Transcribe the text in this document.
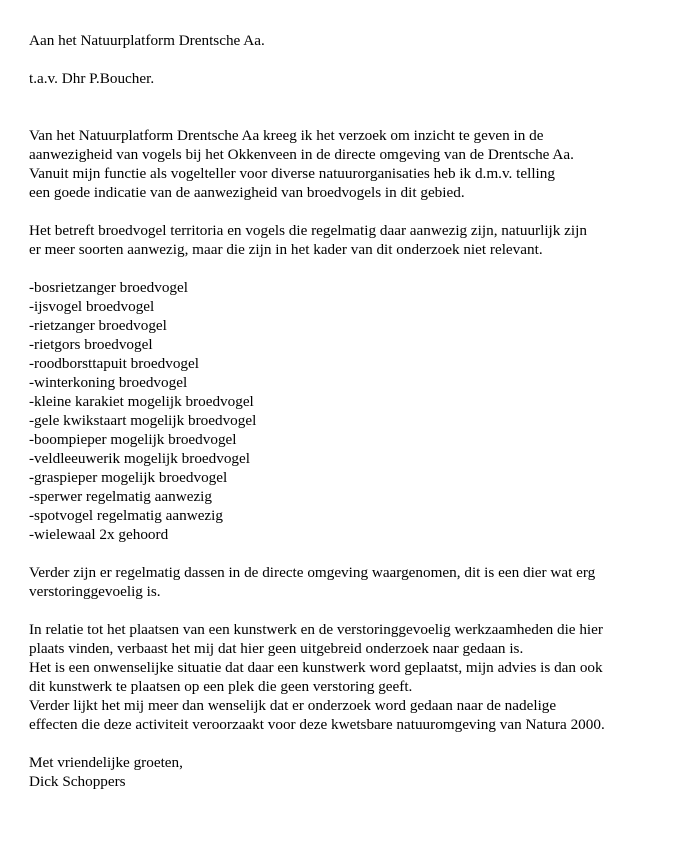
Aan het Natuurplatform Drentsche Aa.
t.a.v. Dhr P.Boucher.
Van het Natuurplatform Drentsche Aa kreeg ik het verzoek om inzicht te geven in de
aanwezigheid van vogels bij het Okkenveen in de directe omgeving van de Drentsche Aa.
Vanuit mijn functie als vogelteller voor diverse natuurorganisaties heb ik d.m.v. telling
een goede indicatie van de aanwezigheid van broedvogels in dit gebied.
Het betreft broedvogel territoria en vogels die regelmatig daar aanwezig zijn, natuurlijk zijn
er meer soorten aanwezig, maar die zijn in het kader van dit onderzoek niet relevant.
-bosrietzanger broedvogel
-ijsvogel broedvogel
-rietzanger broedvogel
-rietgors broedvogel
-roodborsttapuit broedvogel
-winterkoning broedvogel
-kleine karakiet mogelijk broedvogel
-gele kwikstaart mogelijk broedvogel
-boompieper mogelijk broedvogel
-veldleeuwerik mogelijk broedvogel
-graspieper mogelijk broedvogel
-sperwer regelmatig aanwezig
-spotvogel regelmatig aanwezig
-wielewaal 2x gehoord
Verder zijn er regelmatig dassen in de directe omgeving waargenomen, dit is een dier wat erg
verstoringgevoelig is.
In relatie tot het plaatsen van een kunstwerk en de verstoringgevoelig werkzaamheden die hier
plaats vinden, verbaast het mij dat hier geen uitgebreid onderzoek naar gedaan is.
Het is een onwenselijke situatie dat daar een kunstwerk word geplaatst, mijn advies is dan ook
dit kunstwerk te plaatsen op een plek die geen verstoring geeft.
Verder lijkt het mij meer dan wenselijk dat er onderzoek word gedaan naar de nadelige
effecten die deze activiteit veroorzaakt voor deze kwetsbare natuuromgeving van Natura 2000.
Met vriendelijke groeten,
Dick Schoppers
